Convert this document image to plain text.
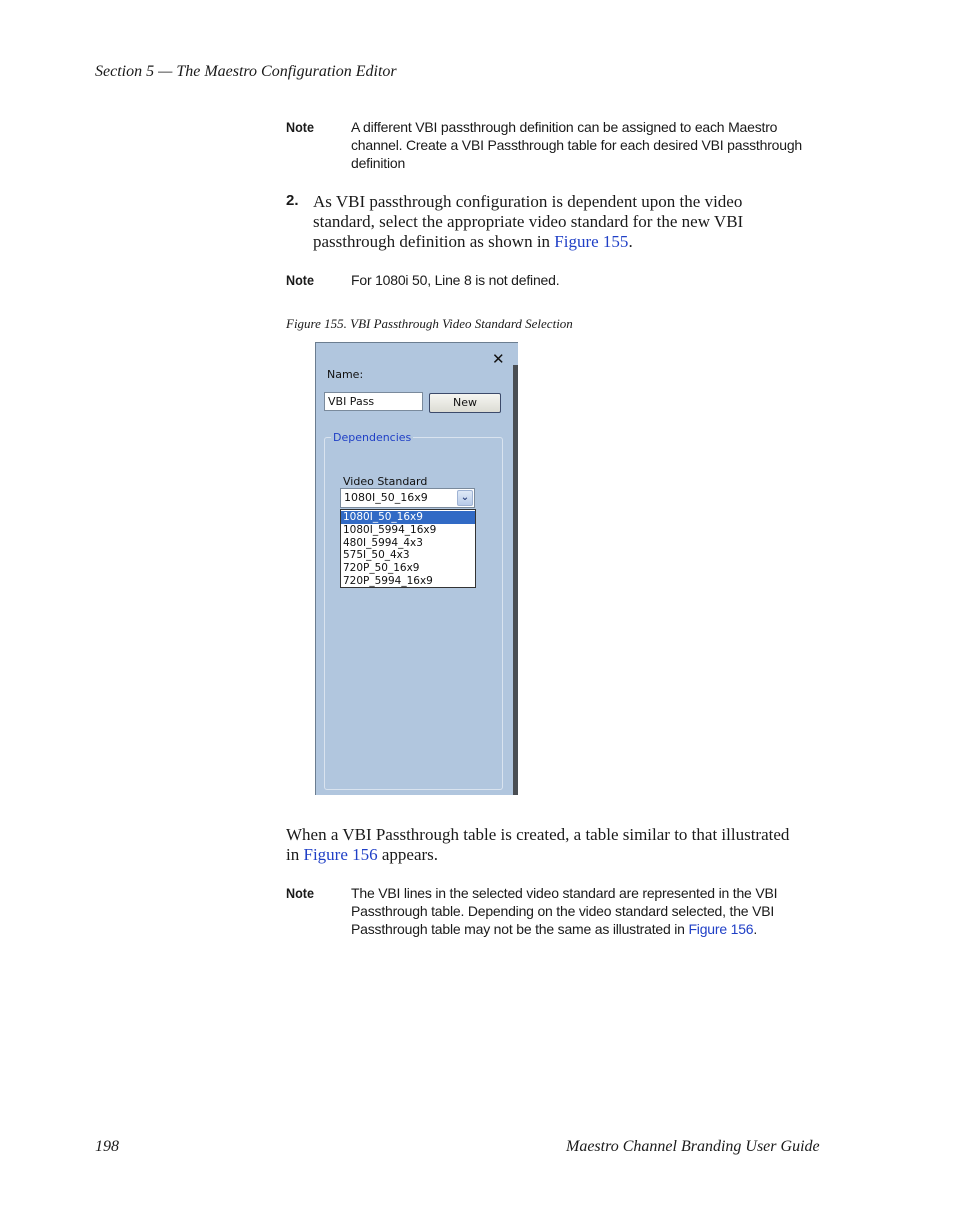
Section 5 — The Maestro Configuration Editor
Note	A different VBI passthrough definition can be assigned to each Maestro
channel. Create a VBI Passthrough table for each desired VBI passthrough
definition
2. As VBI passthrough configuration is dependent upon the video
standard, select the appropriate video standard for the new VBI
passthrough definition as shown in Figure 155.
Note	For 1080i 50, Line 8 is not defined.
Figure 155. VBI Passthrough Video Standard Selection
✕
Name:
VBI Pass	New
Dependencies
Video Standard
1080I_50_16x9	⌄
1080I_50_16x9
1080I_5994_16x9
480I_5994_4x3
575I_50_4x3
720P_50_16x9
720P_5994_16x9
When a VBI Passthrough table is created, a table similar to that illustrated
in Figure 156 appears.
Note	The VBI lines in the selected video standard are represented in the VBI
Passthrough table. Depending on the video standard selected, the VBI
Passthrough table may not be the same as illustrated in Figure 156.
198	Maestro Channel Branding User Guide
